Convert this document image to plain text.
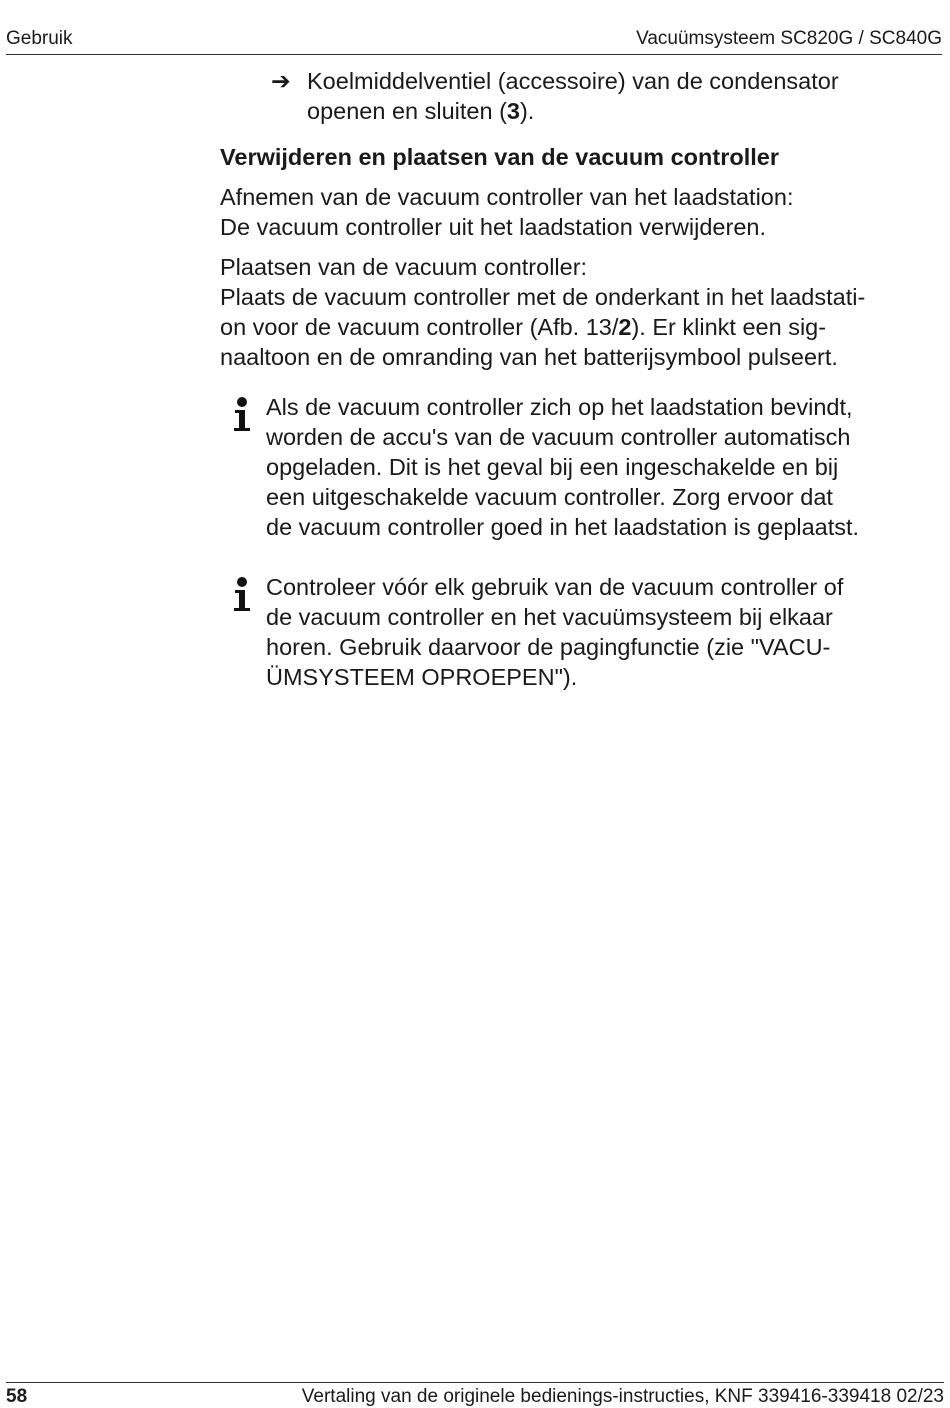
Gebruik	Vacuümsysteem SC820G / SC840G
➔ Koelmiddelventiel (accessoire) van de condensator

openen en sluiten (3).

Verwijderen en plaatsen van de vacuum controller

Afnemen van de vacuum controller van het laadstation:

De vacuum controller uit het laadstation verwijderen.

Plaatsen van de vacuum controller:

Plaats de vacuum controller met de onderkant in het laadstati-

on voor de vacuum controller (Afb. 13/2). Er klinkt een sig-

naaltoon en de omranding van het batterijsymbool pulseert.

Als de vacuum controller zich op het laadstation bevindt,

worden de accu's van de vacuum controller automatisch

opgeladen. Dit is het geval bij een ingeschakelde en bij

een uitgeschakelde vacuum controller. Zorg ervoor dat

de vacuum controller goed in het laadstation is geplaatst.

Controleer vóór elk gebruik van de vacuum controller of

de vacuum controller en het vacuümsysteem bij elkaar

horen. Gebruik daarvoor de pagingfunctie (zie "VACU-

ÜMSYSTEEM OPROEPEN").

58	Vertaling van de originele bedienings-instructies, KNF 339416-339418 02/23
